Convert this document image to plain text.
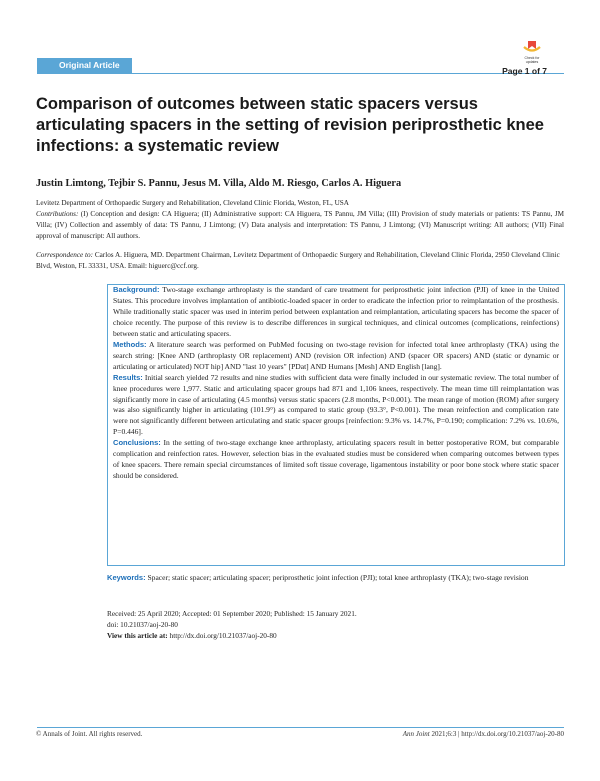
Original Article
Check for
updates
Page 1 of 7
Comparison of outcomes between static spacers versus articulating spacers in the setting of revision periprosthetic knee infections: a systematic review
Justin Limtong, Tejbir S. Pannu, Jesus M. Villa, Aldo M. Riesgo, Carlos A. Higuera
Levitetz Department of Orthopaedic Surgery and Rehabilitation, Cleveland Clinic Florida, Weston, FL, USA
Contributions: (I) Conception and design: CA Higuera; (II) Administrative support: CA Higuera, TS Pannu, JM Villa; (III) Provision of study materials or patients: TS Pannu, JM Villa; (IV) Collection and assembly of data: TS Pannu, J Limtong; (V) Data analysis and interpretation: TS Pannu, J Limtong; (VI) Manuscript writing: All authors; (VII) Final approval of manuscript: All authors.
Correspondence to: Carlos A. Higuera, MD. Department Chairman, Levitetz Department of Orthopaedic Surgery and Rehabilitation, Cleveland Clinic Florida, 2950 Cleveland Clinic Blvd, Weston, FL 33331, USA. Email: higuerc@ccf.org.

Background: Two-stage exchange arthroplasty is the standard of care treatment for periprosthetic joint infection (PJI) of knee in the United States. This procedure involves implantation of antibiotic-loaded spacer in order to eradicate the infection prior to reimplantation of the prosthesis. While traditionally static spacer was used in interim period between explantation and reimplantation, articulating spacers has become the spacer of choice recently. The purpose of this review is to describe differences in surgical techniques, and clinical outcomes (complications, reinfections) between static and articulating spacers.

Methods: A literature search was performed on PubMed focusing on two-stage revision for infected total knee arthroplasty (TKA) using the search string: [Knee AND (arthroplasty OR replacement) AND (revision OR infection) AND (spacer OR spacers) AND (static or dynamic or articulating or articulated) NOT hip] AND "last 10 years" [PDat] AND Humans [Mesh] AND English [lang].

Results: Initial search yielded 72 results and nine studies with sufficient data were finally included in our systematic review. The total number of knee procedures were 1,977. Static and articulating spacer groups had 871 and 1,106 knees, respectively. The mean time till reimplantation was significantly more in case of articulating (4.5 months) versus static spacers (2.8 months, P<0.001). The mean range of motion (ROM) after surgery was also significantly higher in articulating (101.9°) as compared to static group (93.3°, P<0.001). The mean reinfection and complication rate were not significantly different between articulating and static spacer groups [reinfection: 9.3% vs. 14.7%, P=0.190; complication: 7.2% vs. 10.6%, P=0.446].

Conclusions: In the setting of two-stage exchange knee arthroplasty, articulating spacers result in better postoperative ROM, but comparable complication and reinfection rates. However, selection bias in the evaluated studies must be considered when comparing outcomes between types of knee spacers. There remain special circumstances of limited soft tissue coverage, ligamentous instability or poor bone stock where static spacer should be considered.

Keywords: Spacer; static spacer; articulating spacer; periprosthetic joint infection (PJI); total knee arthroplasty (TKA); two-stage revision
Received: 25 April 2020; Accepted: 01 September 2020; Published: 15 January 2021.
doi: 10.21037/aoj-20-80
View this article at: http://dx.doi.org/10.21037/aoj-20-80
© Annals of Joint. All rights reserved.	Ann Joint 2021;6:3 | http://dx.doi.org/10.21037/aoj-20-80
